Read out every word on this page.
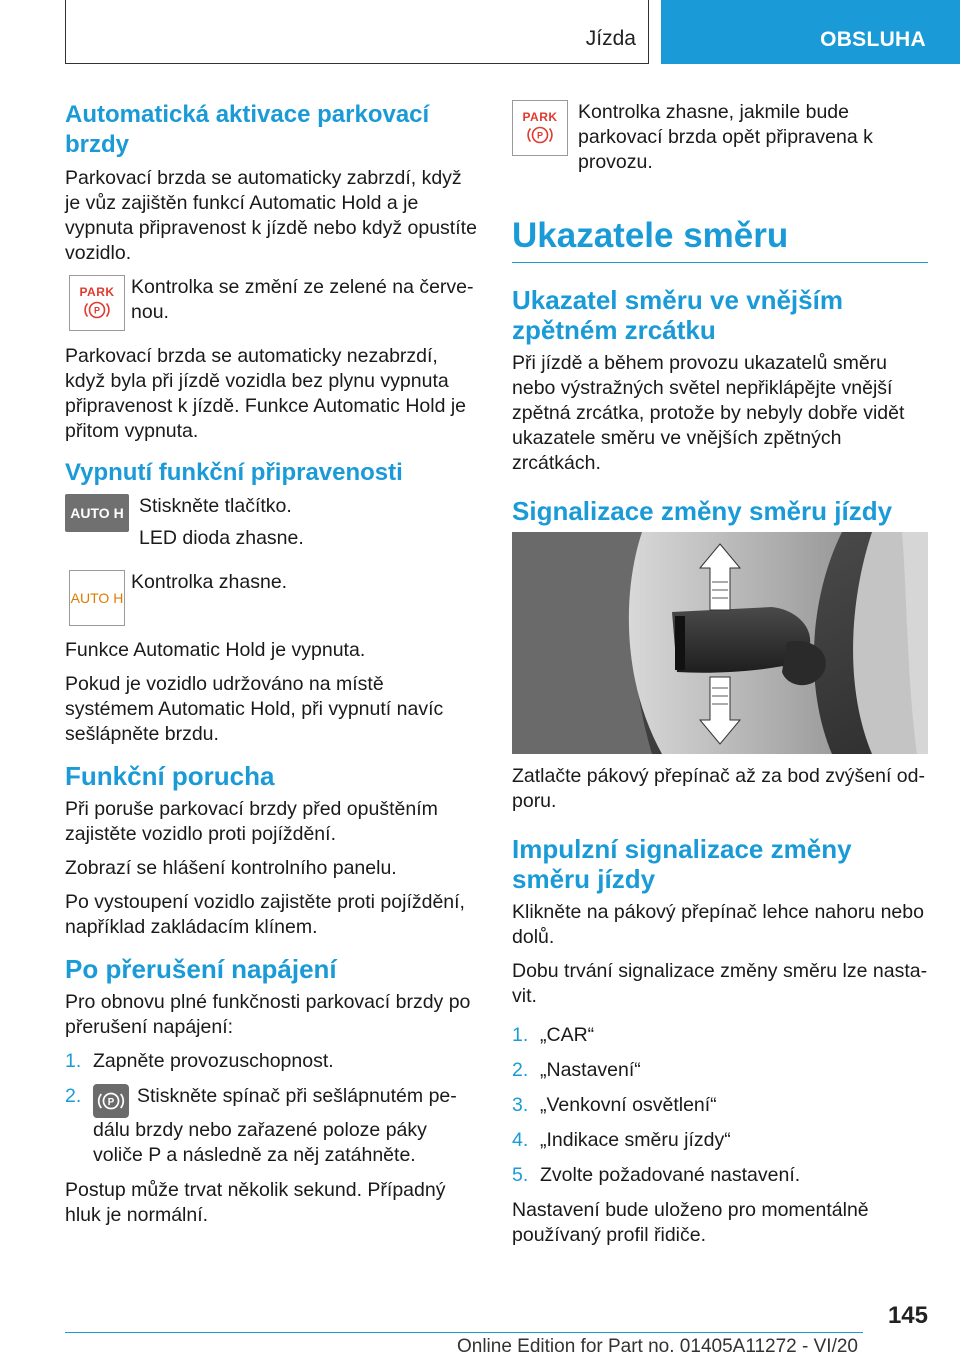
Jízda	OBSLUHA
Automatická aktivace parkovací brzdy

Parkovací brzda se automaticky zabrzdí, když je vůz zajištěn funkcí Automatic Hold a je vypnuta připravenost k jízdě nebo když opustíte vozidlo.

PARK
P

Kontrolka se změní ze zelené na červenou.

Parkovací brzda se automaticky nezabrzdí, když byla při jízdě vozidla bez plynu vypnuta připravenost k jízdě. Funkce Automatic Hold je přitom vypnuta.

Vypnutí funkční připravenosti
AUTO H Stiskněte tlačítko.

LED dioda zhasne.

AUTO H

Kontrolka zhasne.

Funkce Automatic Hold je vypnuta.

Pokud je vozidlo udržováno na místě systémem Automatic Hold, při vypnutí navíc sešlápněte brzdu.

Funkční porucha

Při poruše parkovací brzdy před opuštěním zajistěte vozidlo proti pojíždění.

Zobrazí se hlášení kontrolního panelu.

Po vystoupení vozidlo zajistěte proti pojíždění, například zakládacím klínem.

Po přerušení napájení

Pro obnovu plné funkčnosti parkovací brzdy po přerušení napájení:

1. Zapněte provozuschopnost.
2.	P Stiskněte spínač při sešlápnutém pedálu brzdy nebo zařazené poloze páky voliče P a následně za něj zatáhněte.

Postup může trvat několik sekund. Případný hluk je normální.

PARK
P

Kontrolka zhasne, jakmile bude parkovací brzda opět připravena k provozu.

Ukazatele směru
Ukazatel směru ve vnějším zpětném zrcátku

Při jízdě a během provozu ukazatelů směru nebo výstražných světel nepřiklápějte vnější zpětná zrcátka, protože by nebyly dobře vidět ukazatele směru ve vnějších zpětných zrcátkách.

Signalizace změny směru jízdy

Zatlačte pákový přepínač až za bod zvýšení odporu.

Impulzní signalizace změny směru jízdy

Klikněte na pákový přepínač lehce nahoru nebo dolů.

Dobu trvání signalizace změny směru lze nastavit.

1. „CAR“
2. „Nastavení“
3. „Venkovní osvětlení“
4. „Indikace směru jízdy“
5. Zvolte požadované nastavení.

Nastavení bude uloženo pro momentálně používaný profil řidiče.

145
Online Edition for Part no. 01405A11272 - VI/20
